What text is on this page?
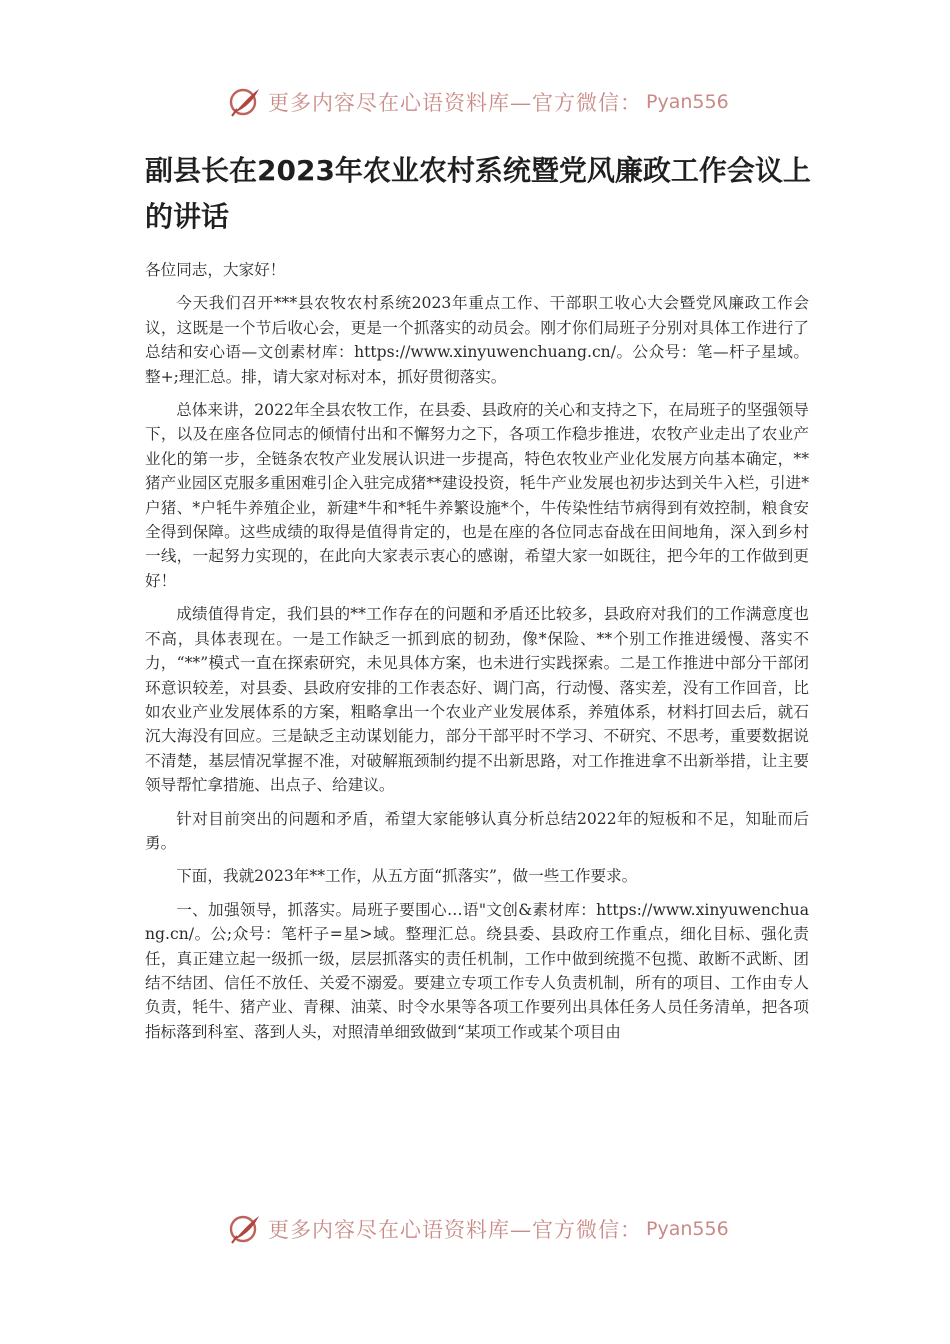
更多内容尽在心语资料库—官方微信： Pyan556
副县长在2023年农业农村系统暨党风廉政工作会议上的讲话

各位同志，大家好！

今天我们召开***县农牧农村系统2023年重点工作、干部职工收心大会暨党风廉政工作会议，这既是一个节后收心会，更是一个抓落实的动员会。刚才你们局班子分别对具体工作进行了总结和安心语—文创素材库：https://www.xinyuwenchuang.cn/。公众号：笔—杆子星域。整+;理汇总。排，请大家对标对本，抓好贯彻落实。

总体来讲，2022年全县农牧工作，在县委、县政府的关心和支持之下，在局班子的坚强领导下，以及在座各位同志的倾情付出和不懈努力之下，各项工作稳步推进，农牧产业走出了农业产业化的第一步，全链条农牧产业发展认识进一步提高，特色农牧业产业化发展方向基本确定，**猪产业园区克服多重困难引企入驻完成猪**建设投资，牦牛产业发展也初步达到关牛入栏，引进*户猪、*户牦牛养殖企业，新建*牛和*牦牛养繁设施*个，牛传染性结节病得到有效控制，粮食安全得到保障。这些成绩的取得是值得肯定的，也是在座的各位同志奋战在田间地角，深入到乡村一线，一起努力实现的，在此向大家表示衷心的感谢，希望大家一如既往，把今年的工作做到更好！

成绩值得肯定，我们县的**工作存在的问题和矛盾还比较多，县政府对我们的工作满意度也不高，具体表现在。一是工作缺乏一抓到底的韧劲，像*保险、**个别工作推进缓慢、落实不力，“**”模式一直在探索研究，未见具体方案，也未进行实践探索。二是工作推进中部分干部闭环意识较差，对县委、县政府安排的工作表态好、调门高，行动慢、落实差，没有工作回音，比如农业产业发展体系的方案，粗略拿出一个农业产业发展体系，养殖体系，材料打回去后，就石沉大海没有回应。三是缺乏主动谋划能力，部分干部平时不学习、不研究、不思考，重要数据说不清楚，基层情况掌握不准，对破解瓶颈制约提不出新思路，对工作推进拿不出新举措，让主要领导帮忙拿措施、出点子、给建议。

针对目前突出的问题和矛盾，希望大家能够认真分析总结2022年的短板和不足，知耻而后勇。

下面，我就2023年**工作，从五方面“抓落实”，做一些工作要求。

一、加强领导，抓落实。局班子要围心…语"文创&素材库：https://www.xinyuwenchuang.cn/。公;众号：笔杆子=星>域。整理汇总。绕县委、县政府工作重点，细化目标、强化责任，真正建立起一级抓一级，层层抓落实的责任机制，工作中做到统揽不包揽、敢断不武断、团结不结团、信任不放任、关爱不溺爱。要建立专项工作专人负责机制，所有的项目、工作由专人负责，牦牛、猪产业、青稞、油菜、时令水果等各项工作要列出具体任务人员任务清单，把各项指标落到科室、落到人头，对照清单细致做到“某项工作或某个项目由

更多内容尽在心语资料库—官方微信： Pyan556
